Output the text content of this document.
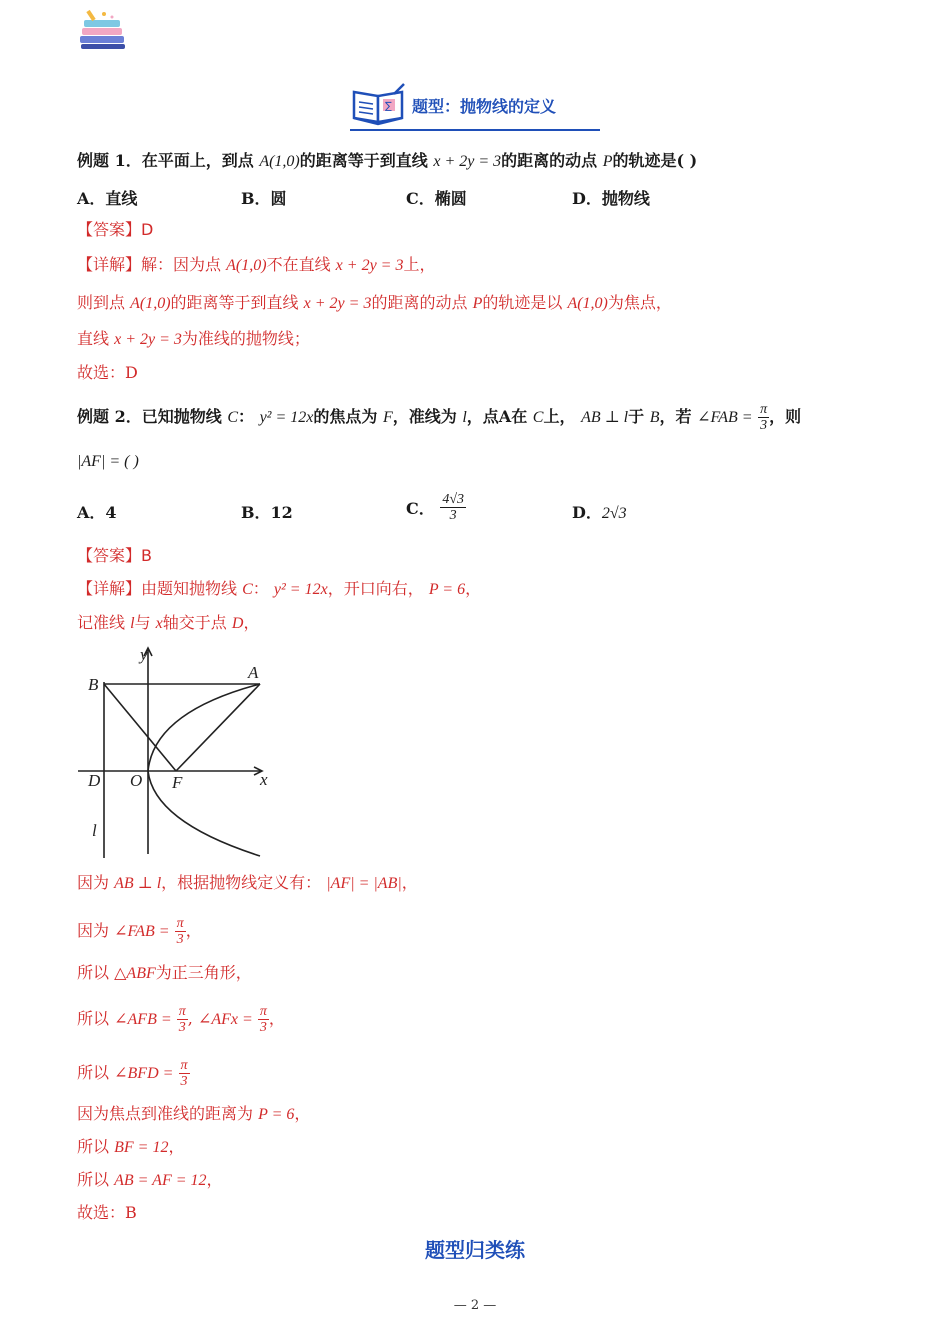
∑ 题型：抛物线的定义
例题 1．在平面上，到点 A(1,0)的距离等于到直线 x + 2y = 3的距离的动点 P的轨迹是( )
A．直线	B．圆	C．椭圆	D．抛物线
【答案】D
【详解】解：因为点 A(1,0)不在直线 x + 2y = 3上，
则到点 A(1,0)的距离等于到直线 x + 2y = 3的距离的动点 P的轨迹是以 A(1,0)为焦点，
直线 x + 2y = 3为准线的抛物线；
故选：D
例题 2．已知抛物线 C： y² = 12x的焦点为 F，准线为 l，点A在 C上， AB ⊥ l于 B，若 ∠FAB = $\frac{\pi}{3}$ ，则
|AF| = ( )
A．4	B．12	C． $\frac{4√3}{3}$	D．2√3
【答案】B
【详解】由题知抛物线 C： y² = 12x，开口向右， P = 6，
记准线 l与 x轴交于点 D，
y
x
B
A
D O F
l
因为 AB ⊥ l，根据抛物线定义有： |AF| = |AB|，
因为 ∠FAB = $\frac{\pi}{3}$ ，
所以 △ABF为正三角形，
所以 ∠AFB = $\frac{\pi}{3}$ , ∠AFx = $\frac{\pi}{3}$ ，
所以 ∠BFD = $\frac{\pi}{3}$
因为焦点到准线的距离为 P = 6，
所以 BF = 12，
所以 AB = AF = 12，
故选：B
题型归类练
— 2 —
